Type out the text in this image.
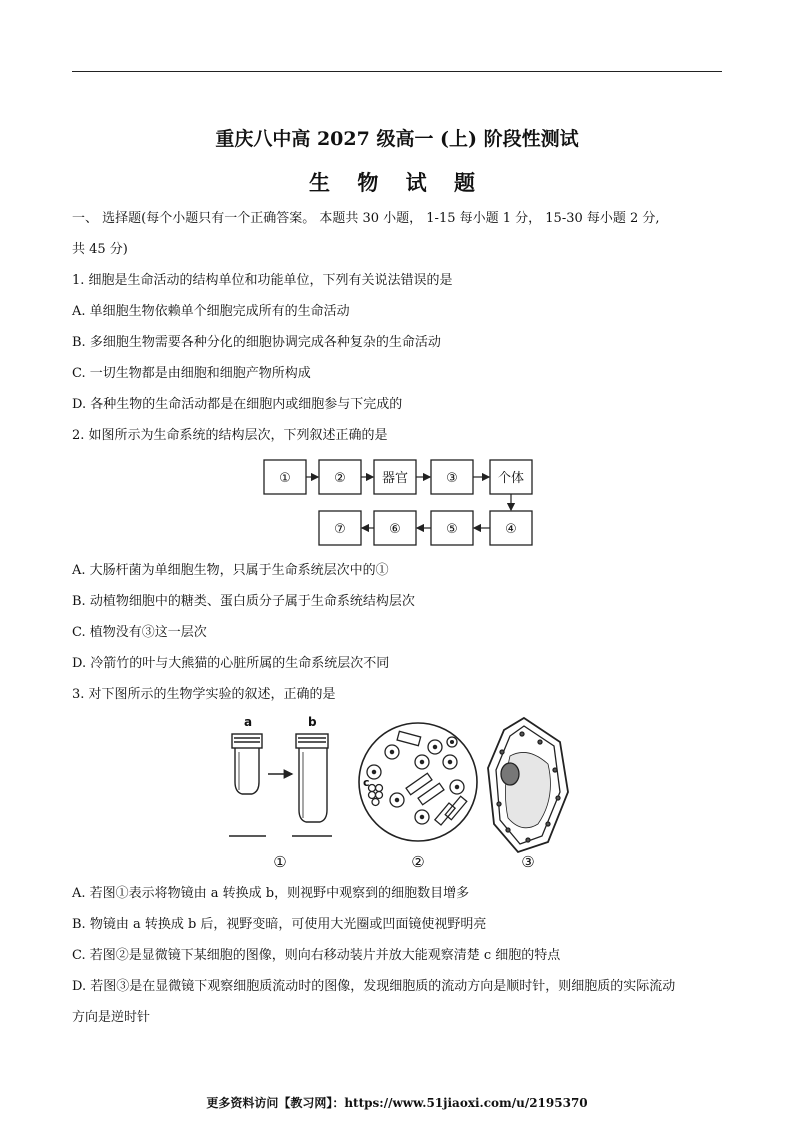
重庆八中高 2027 级高一 (上) 阶段性测试
生 物 试 题
一、 选择题(每个小题只有一个正确答案。 本题共 30 小题， 1-15 每小题 1 分， 15-30 每小题 2 分,
共 45 分)
1. 细胞是生命活动的结构单位和功能单位，下列有关说法错误的是
A. 单细胞生物依赖单个细胞完成所有的生命活动
B. 多细胞生物需要各种分化的细胞协调完成各种复杂的生命活动
C. 一切生物都是由细胞和细胞产物所构成
D. 各种生物的生命活动都是在细胞内或细胞参与下完成的
2. 如图所示为生命系统的结构层次，下列叙述正确的是
①	②	器官	③	个体
⑦	⑥	⑤	④
A. 大肠杆菌为单细胞生物，只属于生命系统层次中的①
B. 动植物细胞中的糖类、蛋白质分子属于生命系统结构层次
C. 植物没有③这一层次
D. 冷箭竹的叶与大熊猫的心脏所属的生命系统层次不同
3. 对下图所示的生物学实验的叙述，正确的是
a	b
c
①	②	③
A. 若图①表示将物镜由 a 转换成 b，则视野中观察到的细胞数目增多
B. 物镜由 a 转换成 b 后，视野变暗，可使用大光圈或凹面镜使视野明亮
C. 若图②是显微镜下某细胞的图像，则向右移动装片并放大能观察清楚 c 细胞的特点
D. 若图③是在显微镜下观察细胞质流动时的图像，发现细胞质的流动方向是顺时针，则细胞质的实际流动
方向是逆时针
更多资料访问【教习网】：https://www.51jiaoxi.com/u/2195370
